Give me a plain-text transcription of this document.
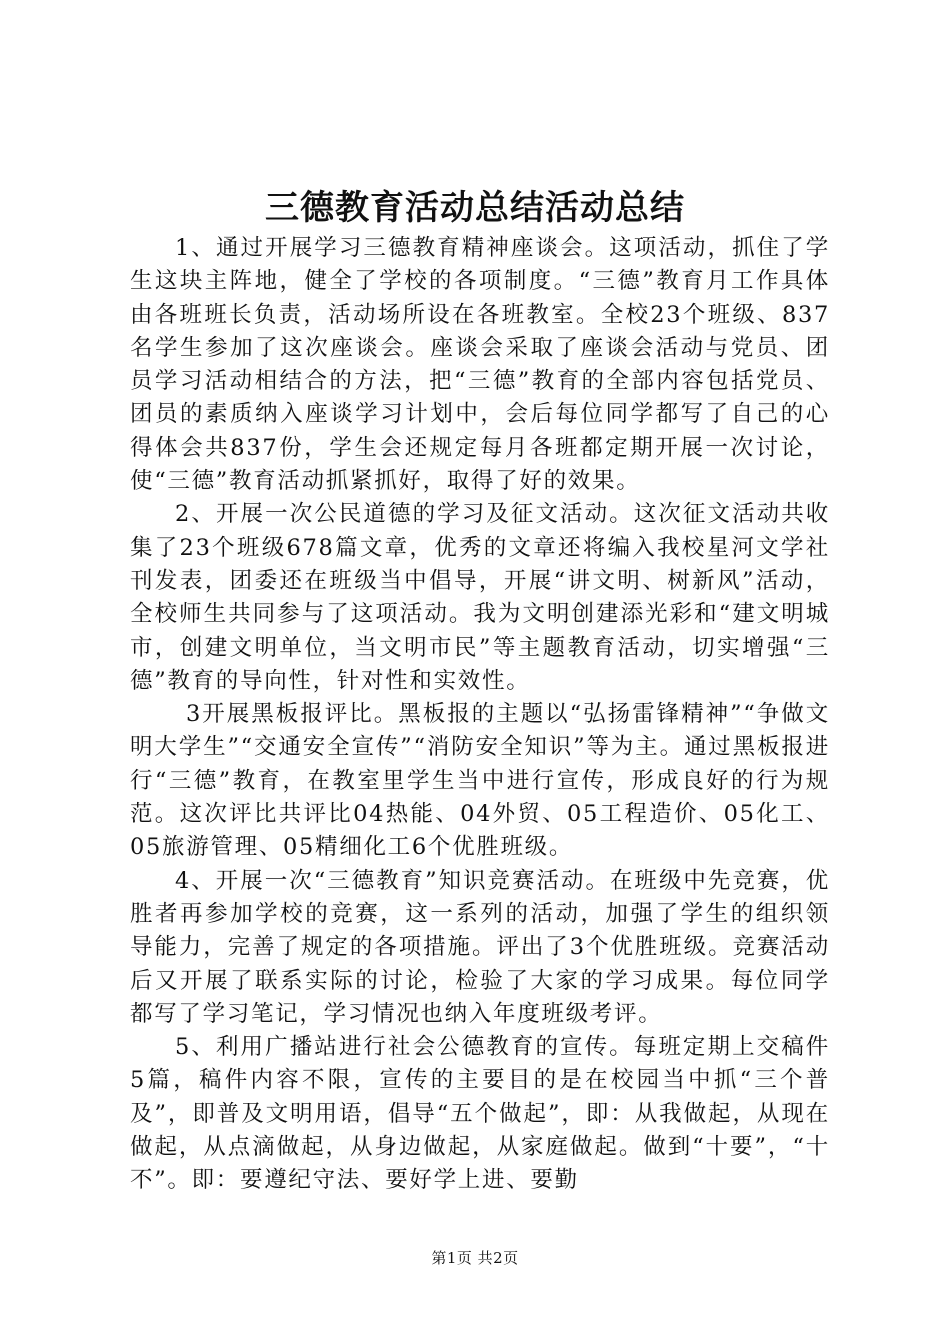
三德教育活动总结活动总结

1、通过开展学习三德教育精神座谈会。这项活动，抓住了学生这块主阵地，健全了学校的各项制度。“三德”教育月工作具体由各班班长负责，活动场所设在各班教室。全校23个班级、837名学生参加了这次座谈会。座谈会采取了座谈会活动与党员、团员学习活动相结合的方法，把“三德”教育的全部内容包括党员、团员的素质纳入座谈学习计划中，会后每位同学都写了自己的心得体会共837份，学生会还规定每月各班都定期开展一次讨论，使“三德”教育活动抓紧抓好，取得了好的效果。

2、开展一次公民道德的学习及征文活动。这次征文活动共收集了23个班级678篇文章，优秀的文章还将编入我校星河文学社刊发表，团委还在班级当中倡导，开展“讲文明、树新风”活动，全校师生共同参与了这项活动。我为文明创建添光彩和“建文明城市，创建文明单位，当文明市民”等主题教育活动，切实增强“三德”教育的导向性，针对性和实效性。

3开展黑板报评比。黑板报的主题以“弘扬雷锋精神”“争做文明大学生”“交通安全宣传”“消防安全知识”等为主。通过黑板报进行“三德”教育，在教室里学生当中进行宣传，形成良好的行为规范。这次评比共评比04热能、04外贸、05工程造价、05化工、05旅游管理、05精细化工6个优胜班级。

4、开展一次“三德教育”知识竞赛活动。在班级中先竞赛，优胜者再参加学校的竞赛，这一系列的活动，加强了学生的组织领导能力，完善了规定的各项措施。评出了3个优胜班级。竞赛活动后又开展了联系实际的讨论，检验了大家的学习成果。每位同学都写了学习笔记，学习情况也纳入年度班级考评。

5、利用广播站进行社会公德教育的宣传。每班定期上交稿件5篇，稿件内容不限，宣传的主要目的是在校园当中抓“三个普及”，即普及文明用语，倡导“五个做起”，即：从我做起，从现在做起，从点滴做起，从身边做起，从家庭做起。做到“十要”，“十不”。即：要遵纪守法、要好学上进、要勤

第1页 共2页
